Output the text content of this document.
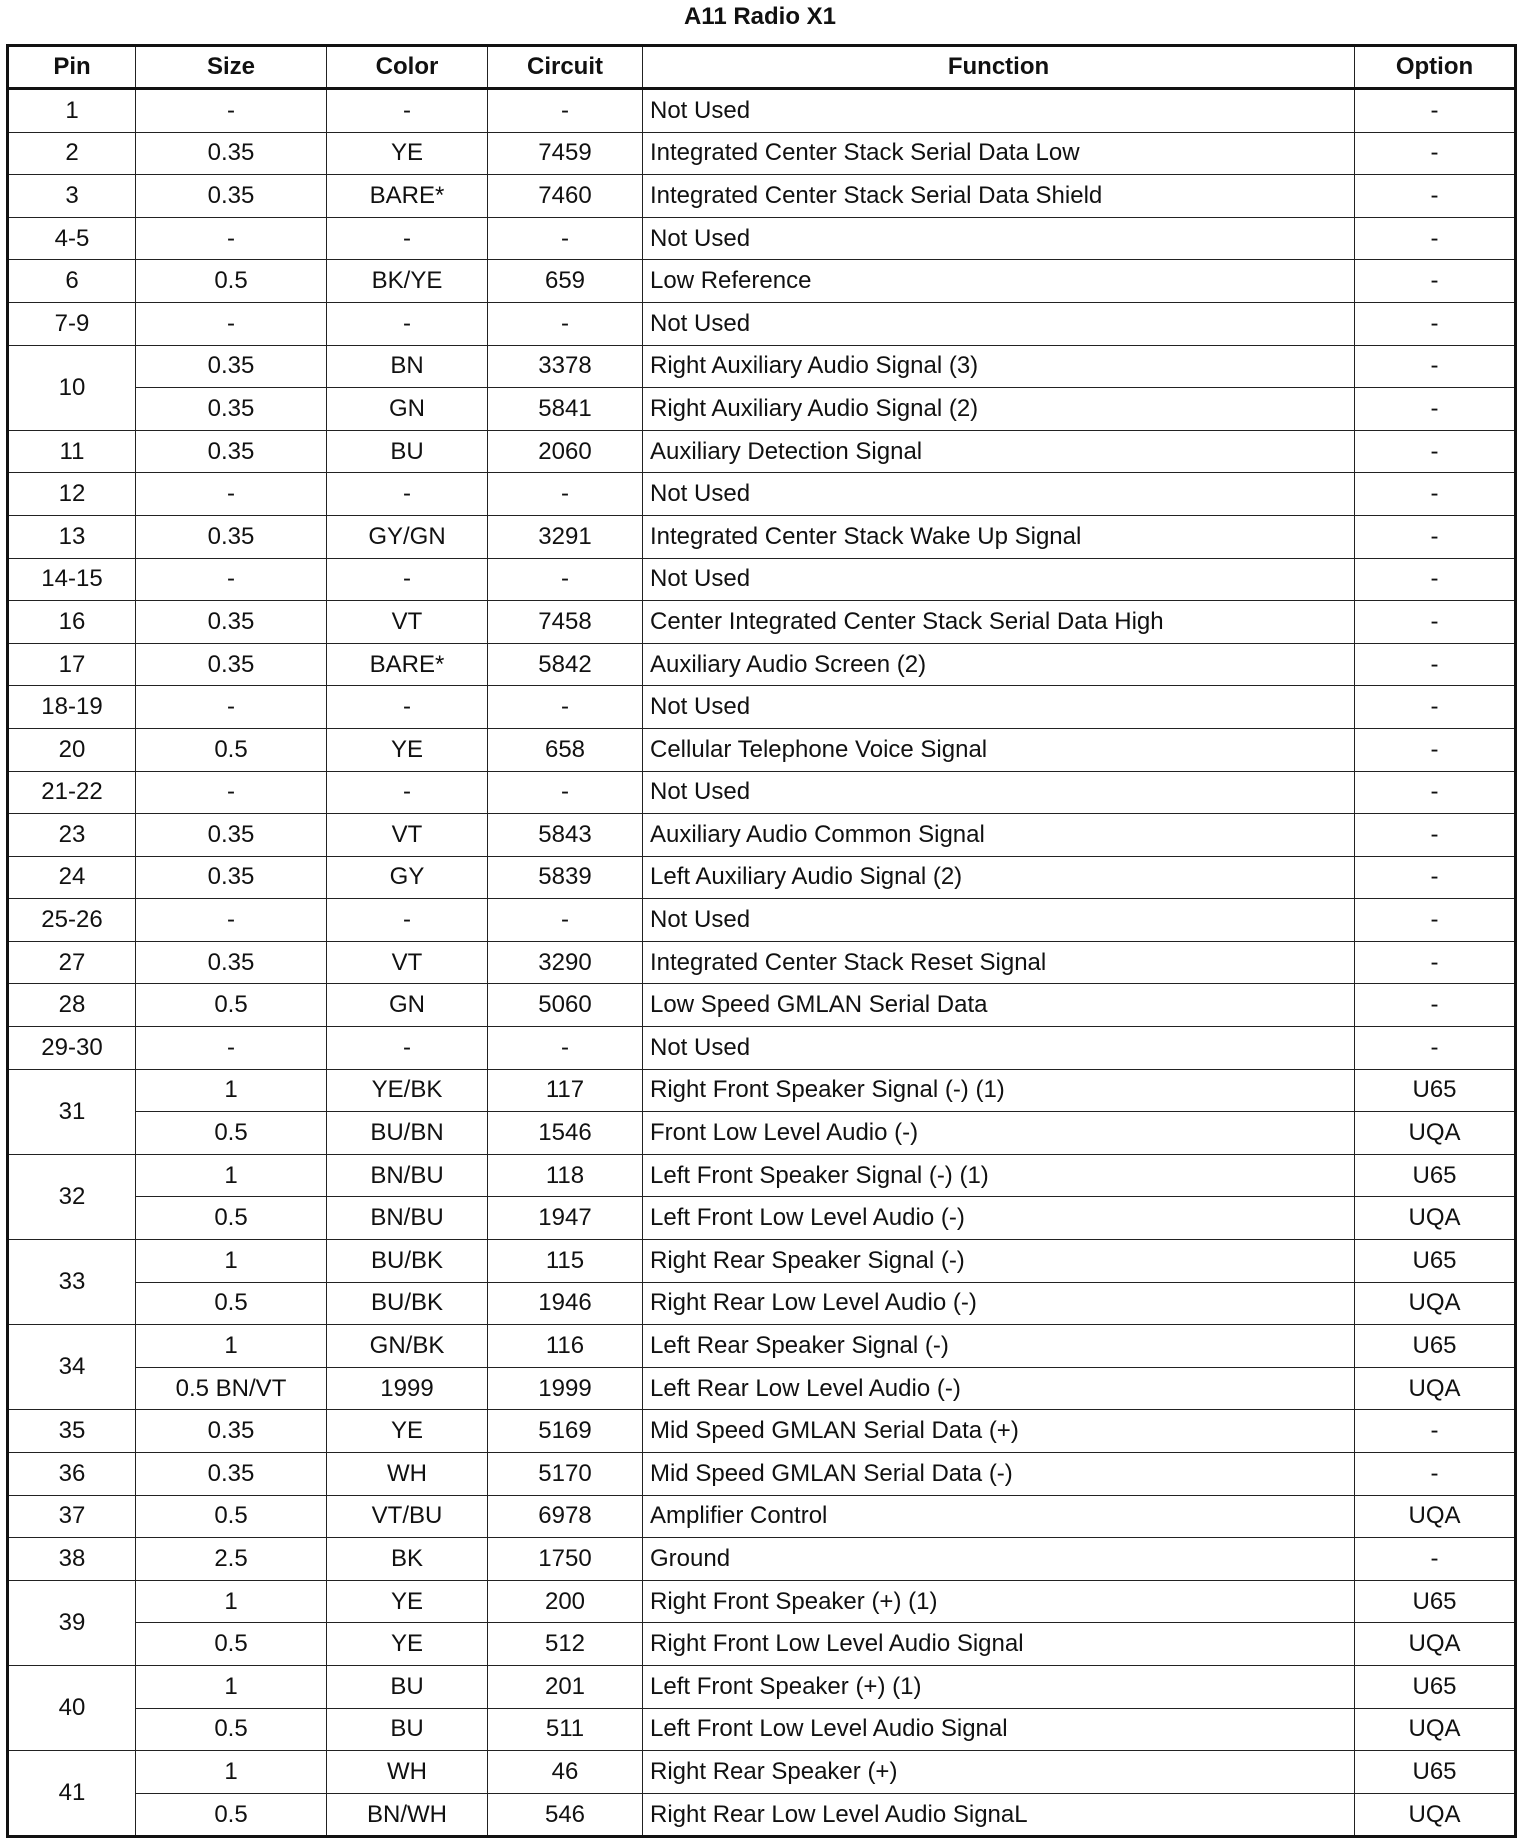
A11 Radio X1
Pin	Size	Color	Circuit	Function	Option
1	-	-	-	Not Used	-
2	0.35	YE	7459	Integrated Center Stack Serial Data Low	-
3	0.35	BARE*	7460	Integrated Center Stack Serial Data Shield	-
4-5	-	-	-	Not Used	-
6	0.5	BK/YE	659	Low Reference	-
7-9	-	-	-	Not Used	-
10	0.35	BN	3378	Right Auxiliary Audio Signal (3)	-
	0.35	GN	5841	Right Auxiliary Audio Signal (2)	-
11	0.35	BU	2060	Auxiliary Detection Signal	-
12	-	-	-	Not Used	-
13	0.35	GY/GN	3291	Integrated Center Stack Wake Up Signal	-
14-15	-	-	-	Not Used	-
16	0.35	VT	7458	Center Integrated Center Stack Serial Data High	-
17	0.35	BARE*	5842	Auxiliary Audio Screen (2)	-
18-19	-	-	-	Not Used	-
20	0.5	YE	658	Cellular Telephone Voice Signal	-
21-22	-	-	-	Not Used	-
23	0.35	VT	5843	Auxiliary Audio Common Signal	-
24	0.35	GY	5839	Left Auxiliary Audio Signal (2)	-
25-26	-	-	-	Not Used	-
27	0.35	VT	3290	Integrated Center Stack Reset Signal	-
28	0.5	GN	5060	Low Speed GMLAN Serial Data	-
29-30	-	-	-	Not Used	-
31	1	YE/BK	117	Right Front Speaker Signal (-) (1)	U65
	0.5	BU/BN	1546	Front Low Level Audio (-)	UQA
32	1	BN/BU	118	Left Front Speaker Signal (-) (1)	U65
	0.5	BN/BU	1947	Left Front Low Level Audio (-)	UQA
33	1	BU/BK	115	Right Rear Speaker Signal (-)	U65
	0.5	BU/BK	1946	Right Rear Low Level Audio (-)	UQA
34	1	GN/BK	116	Left Rear Speaker Signal (-)	U65
	0.5 BN/VT	1999	1999	Left Rear Low Level Audio (-)	UQA
35	0.35	YE	5169	Mid Speed GMLAN Serial Data (+)	-
36	0.35	WH	5170	Mid Speed GMLAN Serial Data (-)	-
37	0.5	VT/BU	6978	Amplifier Control	UQA
38	2.5	BK	1750	Ground	-
39	1	YE	200	Right Front Speaker (+) (1)	U65
	0.5	YE	512	Right Front Low Level Audio Signal	UQA
40	1	BU	201	Left Front Speaker (+) (1)	U65
	0.5	BU	511	Left Front Low Level Audio Signal	UQA
41	1	WH	46	Right Rear Speaker (+)	U65
	0.5	BN/WH	546	Right Rear Low Level Audio SignaL	UQA
